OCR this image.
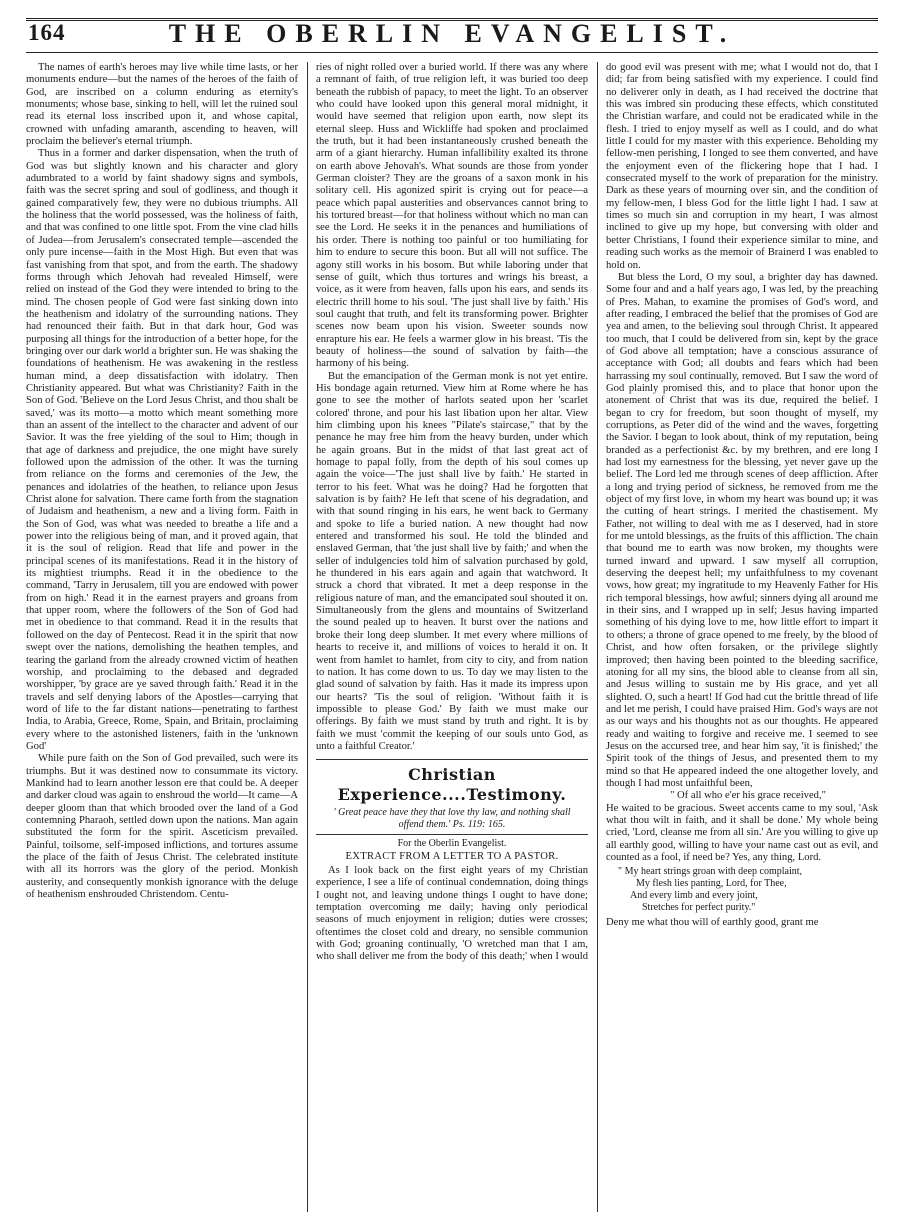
164	THE OBERLIN EVANGELIST.

The names of earth's heroes may live while time lasts, or her monuments endure—but the names of the heroes of the faith of God, are inscribed on a column enduring as eternity's monuments; whose base, sinking to hell, will let the ruined soul read its eternal loss inscribed upon it, and whose capital, crowned with unfading amaranth, ascending to heaven, will proclaim the believer's eternal triumph.

Thus in a former and darker dispensation, when the truth of God was but slightly known and his character and glory adumbrated to a world by faint shadowy signs and symbols, faith was the secret spring and soul of godliness, and though it gained comparatively few, they were no dubious triumphs. All the holiness that the world possessed, was the holiness of faith, and that was confined to one little spot. From the vine clad hills of Judea—from Jerusalem's consecrated temple—ascended the only pure incense—faith in the Most High. But even that was fast vanishing from that spot, and from the earth. The shadowy forms through which Jehovah had revealed Himself, were relied on instead of the God they were intended to bring to the mind. The chosen people of God were fast sinking down into the heathenism and idolatry of the surrounding nations. They had renounced their faith. But in that dark hour, God was purposing all things for the introduction of a better hope, for the bringing over our dark world a brighter sun. He was shaking the foundations of heathenism. He was awakening in the restless human mind, a deep dissatisfaction with idolatry. Then Christianity appeared. But what was Christianity? Faith in the Son of God. 'Believe on the Lord Jesus Christ, and thou shalt be saved,' was its motto—a motto which meant something more than an assent of the intellect to the character and advent of our Savior. It was the free yielding of the soul to Him; though in that age of darkness and prejudice, the one might have surely followed upon the admission of the other. It was the turning from reliance on the forms and ceremonies of the Jew, the penances and idolatries of the heathen, to reliance upon Jesus Christ alone for salvation. There came forth from the stagnation of Judaism and heathenism, a new and a living form. Faith in the Son of God, was what was needed to breathe a life and a power into the religious being of man, and it proved again, that it is the soul of religion. Read that life and power in the principal scenes of its manifestations. Read it in the history of its mightiest triumphs. Read it in the obedience to the command, 'Tarry in Jerusalem, till you are endowed with power from on high.' Read it in the earnest prayers and groans from that upper room, where the followers of the Son of God had met in obedience to that command. Read it in the results that followed on the day of Pentecost. Read it in the spirit that now swept over the nations, demolishing the heathen temples, and tearing the garland from the already crowned victim of heathen worship, and proclaiming to the debased and degraded worshipper, 'by grace are ye saved through faith.' Read it in the travels and self denying labors of the Apostles—carrying that word of life to the far distant nations—penetrating to farthest India, to Arabia, Greece, Rome, Spain, and Britain, proclaiming every where to the astonished listeners, faith in the 'unknown God'

While pure faith on the Son of God prevailed, such were its triumphs. But it was destined now to consummate its victory. Mankind had to learn another lesson ere that could be. A deeper and darker cloud was again to enshroud the world—It came—A deeper gloom than that which brooded over the land of a God contemning Pharaoh, settled down upon the nations. Man again substituted the form for the spirit. Asceticism prevailed. Painful, toilsome, self-imposed inflictions, and tortures assume the place of the faith of Jesus Christ. The celebrated institute with all its horrors was the glory of the period. Monkish austerity, and consequently monkish ignorance with the deluge of heathenism enshrouded Christendom. Centu-

ries of night rolled over a buried world. If there was any where a remnant of faith, of true religion left, it was buried too deep beneath the rubbish of papacy, to meet the light. To an observer who could have looked upon this general moral midnight, it would have seemed that religion upon earth, now slept its eternal sleep. Huss and Wickliffe had spoken and proclaimed the truth, but it had been instantaneously crushed beneath the arm of a giant hierarchy. Human infallibility exalted its throne on earth above Jehovah's. What sounds are those from yonder German cloister? They are the groans of a saxon monk in his solitary cell. His agonized spirit is crying out for peace—a peace which papal austerities and observances cannot bring to his tortured breast—for that holiness without which no man can see the Lord. He seeks it in the penances and humiliations of his order. There is nothing too painful or too humiliating for him to endure to secure this boon. But all will not suffice. The agony still works in his bosom. But while laboring under that sense of guilt, which thus tortures and wrings his breast, a voice, as it were from heaven, falls upon his ears, and sends its electric thrill home to his soul. 'The just shall live by faith.' His soul caught that truth, and felt its transforming power. Brighter scenes now beam upon his vision. Sweeter sounds now enrapture his ear. He feels a warmer glow in his breast. 'Tis the beauty of holiness—the sound of salvation by faith—the harmony of his being.

But the emancipation of the German monk is not yet entire. His bondage again returned. View him at Rome where he has gone to see the mother of harlots seated upon her 'scarlet colored' throne, and pour his last libation upon her altar. View him climbing upon his knees "Pilate's staircase," that by the penance he may free him from the heavy burden, under which he again groans. But in the midst of that last great act of homage to papal folly, from the depth of his soul comes up again the voice—'The just shall live by faith.' He started in terror to his feet. What was he doing? Had he forgotten that salvation is by faith? He left that scene of his degradation, and with that sound ringing in his ears, he went back to Germany and spoke to life a buried nation. A new thought had now entered and transformed his soul. He told the blinded and enslaved German, that 'the just shall live by faith;' and when the seller of indulgencies told him of salvation purchased by gold, he thundered in his ears again and again that watchword. It struck a chord that vibrated. It met a deep response in the religious nature of man, and the emancipated soul shouted it on. Simultaneously from the glens and mountains of Switzerland the sound pealed up to heaven. It burst over the nations and broke their long deep slumber. It met every where millions of hearts to receive it, and millions of voices to herald it on. It went from hamlet to hamlet, from city to city, and from nation to nation. It has come down to us. To day we may listen to the glad sound of salvation by faith. Has it made its impress upon our hearts? 'Tis the soul of religion. 'Without faith it is impossible to please God.' By faith we must make our offerings. By faith we must stand by truth and right. It is by faith we must 'commit the keeping of our souls unto God, as unto a faithful Creator.'

Christian Experience....Testimony.
' Great peace have they that love thy law, and nothing shall offend them.' Ps. 119: 165.
For the Oberlin Evangelist.
EXTRACT FROM A LETTER TO A PASTOR.

As I look back on the first eight years of my Christian experience, I see a life of continual condemnation, doing things I ought not, and leaving undone things I ought to have done; temptation overcoming me daily; having only periodical seasons of much enjoyment in religion; duties were crosses; oftentimes the closet cold and dreary, no sensible communion with God; groaning continually, 'O wretched man that I am, who shall deliver me from the body of this death;' when I would

do good evil was present with me; what I would not do, that I did; far from being satisfied with my experience. I could find no deliverer only in death, as I had received the doctrine that this was imbred sin producing these effects, which constituted the Christian warfare, and could not be eradicated while in the flesh. I tried to enjoy myself as well as I could, and do what little I could for my master with this experience. Beholding my fellow-men perishing, I longed to see them converted, and have the enjoyment even of the flickering hope that I had. I consecrated myself to the work of preparation for the ministry. Dark as these years of mourning over sin, and the condition of my fellow-men, I bless God for the little light I had. I saw at times so much sin and corruption in my heart, I was almost inclined to give up my hope, but conversing with older and better Christians, I found their experience similar to mine, and reading such works as the memoir of Brainerd I was enabled to hold on.

But bless the Lord, O my soul, a brighter day has dawned. Some four and and a half years ago, I was led, by the preaching of Pres. Mahan, to examine the promises of God's word, and after reading, I embraced the belief that the promises of God are yea and amen, to the believing soul through Christ. It appeared too much, that I could be delivered from sin, kept by the grace of God above all temptation; have a conscious assurance of acceptance with God; all doubts and fears which had been harrassing my soul continually, removed. But I saw the word of God plainly promised this, and to place that honor upon the atonement of Christ that was its due, required the belief. I began to cry for freedom, but soon thought of myself, my corruptions, as Peter did of the wind and the waves, forgetting the Savior. I began to look about, think of my reputation, being branded as a perfectionist &c. by my brethren, and ere long I had lost my earnestness for the blessing, yet never gave up the belief. The Lord led me through scenes of deep affliction. After a long and trying period of sickness, he removed from me the object of my first love, in whom my heart was bound up; it was the cutting of heart strings. I merited the chastisement. My Father, not willing to deal with me as I deserved, had in store for me untold blessings, as the fruits of this affliction. The chain that bound me to earth was now broken, my thoughts were turned inward and upward. I saw myself all corruption, deserving the deepest hell; my unfaithfulness to my covenant vows, how great; my ingratitude to my Heavenly Father for His rich temporal blessings, how awful; sinners dying all around me in their sins, and I wrapped up in self; Jesus having imparted something of his dying love to me, how little effort to impart it to others; a throne of grace opened to me freely, by the blood of Christ, and how often forsaken, or the privilege slightly improved; then having been pointed to the bleeding sacrifice, atoning for all my sins, the blood able to cleanse from all sin, and Jesus willing to sustain me by His grace, and yet all slighted. O, such a heart! If God had cut the brittle thread of life and let me perish, I could have praised Him. God's ways are not as our ways and his thoughts not as our thoughts. He appeared ready and waiting to forgive and receive me. I seemed to see Jesus on the accursed tree, and hear him say, 'it is finished;' the Spirit took of the things of Jesus, and presented them to my mind so that He appeared indeed the one altogether lovely, and though I had most unfaithful been,

" Of all who e'er his grace received,"

He waited to be gracious. Sweet accents came to my soul, 'Ask what thou wilt in faith, and it shall be done.' My whole being cried, 'Lord, cleanse me from all sin.' Are you willing to give up all earthly good, willing to have your name cast out as evil, and counted as a fool, if need be? Yes, any thing, Lord.

" My heart strings groan with deep complaint,
My flesh lies panting, Lord, for Thee,
And every limb and every joint,
Stretches for perfect purity."

Deny me what thou will of earthly good, grant me
